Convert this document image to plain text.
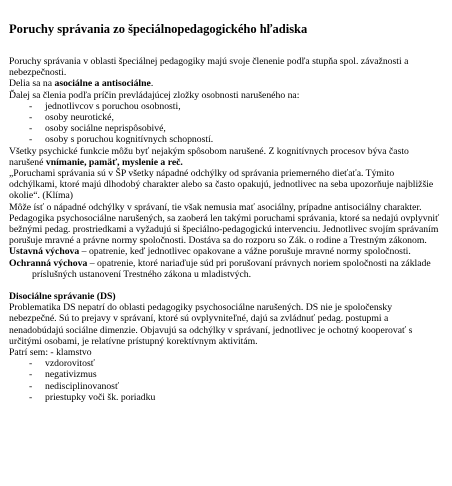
Poruchy správania zo špeciálnopedagogického hľadiska

Poruchy správania v oblasti špeciálnej pedagogiky majú svoje členenie podľa stupňa spol. závažnosti a nebezpečnosti.

Delia sa na asociálne a antisociálne.

Ďalej sa členia podľa príčin prevládajúcej zložky osobnosti narušeného na:

- jednotlivcov s poruchou osobnosti,
- osoby neurotické,
- osoby sociálne neprispôsobivé,
- osoby s poruchou kognitívnych schopností.

Všetky psychické funkcie môžu byť nejakým spôsobom narušené. Z kognitívnych procesov býva často narušené vnímanie, pamäť, myslenie a reč.

„Poruchami správania sú v ŠP všetky nápadné odchýlky od správania priemerného dieťaťa. Týmito odchýlkami, ktoré majú dlhodobý charakter alebo sa často opakujú, jednotlivec na seba upozorňuje najbližšie okolie“. (Klíma)

Môže ísť o nápadné odchýlky v správaní, tie však nemusia mať asociálny, prípadne antisociálny charakter. Pedagogika psychosociálne narušených, sa zaoberá len takými poruchami správania, ktoré sa nedajú ovplyvniť bežnými pedag. prostriedkami a vyžadujú si špeciálno-pedagogickú intervenciu. Jednotlivec svojím správaním porušuje mravné a právne normy spoločnosti. Dostáva sa do rozporu so Zák. o rodine a Trestným zákonom.

Ustavná výchova – opatrenie, keď jednotlivec opakovane a vážne porušuje mravné normy spoločnosti.

Ochranná výchova – opatrenie, ktoré nariaďuje súd pri porušovaní právnych noriem spoločnosti na základe príslušných ustanovení Trestného zákona u mladistvých.

Disociálne správanie (DS)

Problematika DS nepatrí do oblasti pedagogiky psychosociálne narušených. DS nie je spoločensky nebezpečné. Sú to prejavy v správaní, ktoré sú ovplyvniteľné, dajú sa zvládnuť pedag. postupmi a nenadobúdajú sociálne dimenzie. Objavujú sa odchýlky v správaní, jednotlivec je ochotný kooperovať s určitými osobami, je relatívne prístupný korektívnym aktivitám.

Patrí sem: - klamstvo

- vzdorovitosť
- negativizmus
- nedisciplinovanosť
- priestupky voči šk. poriadku
